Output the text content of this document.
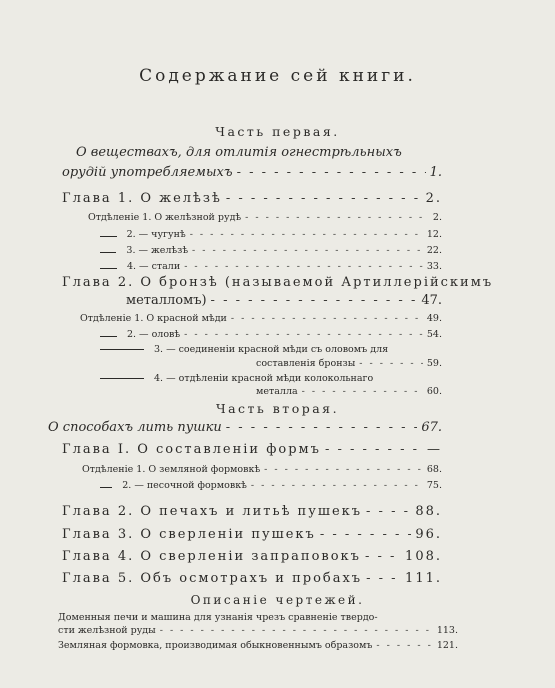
Содержание сей книги.
Часть первая.
О веществахъ, для отлитія огнестрѣльныхъ
орудій употребляемыхъ - - -	1.
Глава 1. О желѣзѣ - - -	2.
Отдѣленіе 1. О желѣзной рудѣ - - -	2.
2. — чугунѣ - - -	12.
3. — желѣзѣ - - -	22.
4. — стали - - -	33.
Глава 2. О бронзѣ (называемой Артиллерійскимъ
металломъ) - - -	47.
Отдѣленіе 1. О красной мѣди - - -	49.
2. — оловѣ - - -	54.
3. — соединеніи красной мѣди съ оловомъ для
составленія бронзы - - -	59.
4. — отдѣленіи красной мѣди колокольнаго
металла - - -	60.
Часть вторая.
О способахъ лить пушки - - -	67.
Глава I. О составленіи формъ - - -	—
Отдѣленіе 1. О земляной формовкѣ - - -	68.
2. — песочной формовкѣ - - -	75.
Глава 2. О печахъ и литьѣ пушекъ - - -	88.
Глава 3. О сверленіи пушекъ - - -	96.
Глава 4. О сверленіи запраповокъ - - -	108.
Глава 5. Объ осмотрахъ и пробахъ - - -	111.
Описаніе чертежей.
Доменныя печи и машина для узнанія чрезъ сравненіе твердо-
сти желѣзной руды - - -	113.
Земляная формовка, производимая обыкновеннымъ образомъ - - -	121.
